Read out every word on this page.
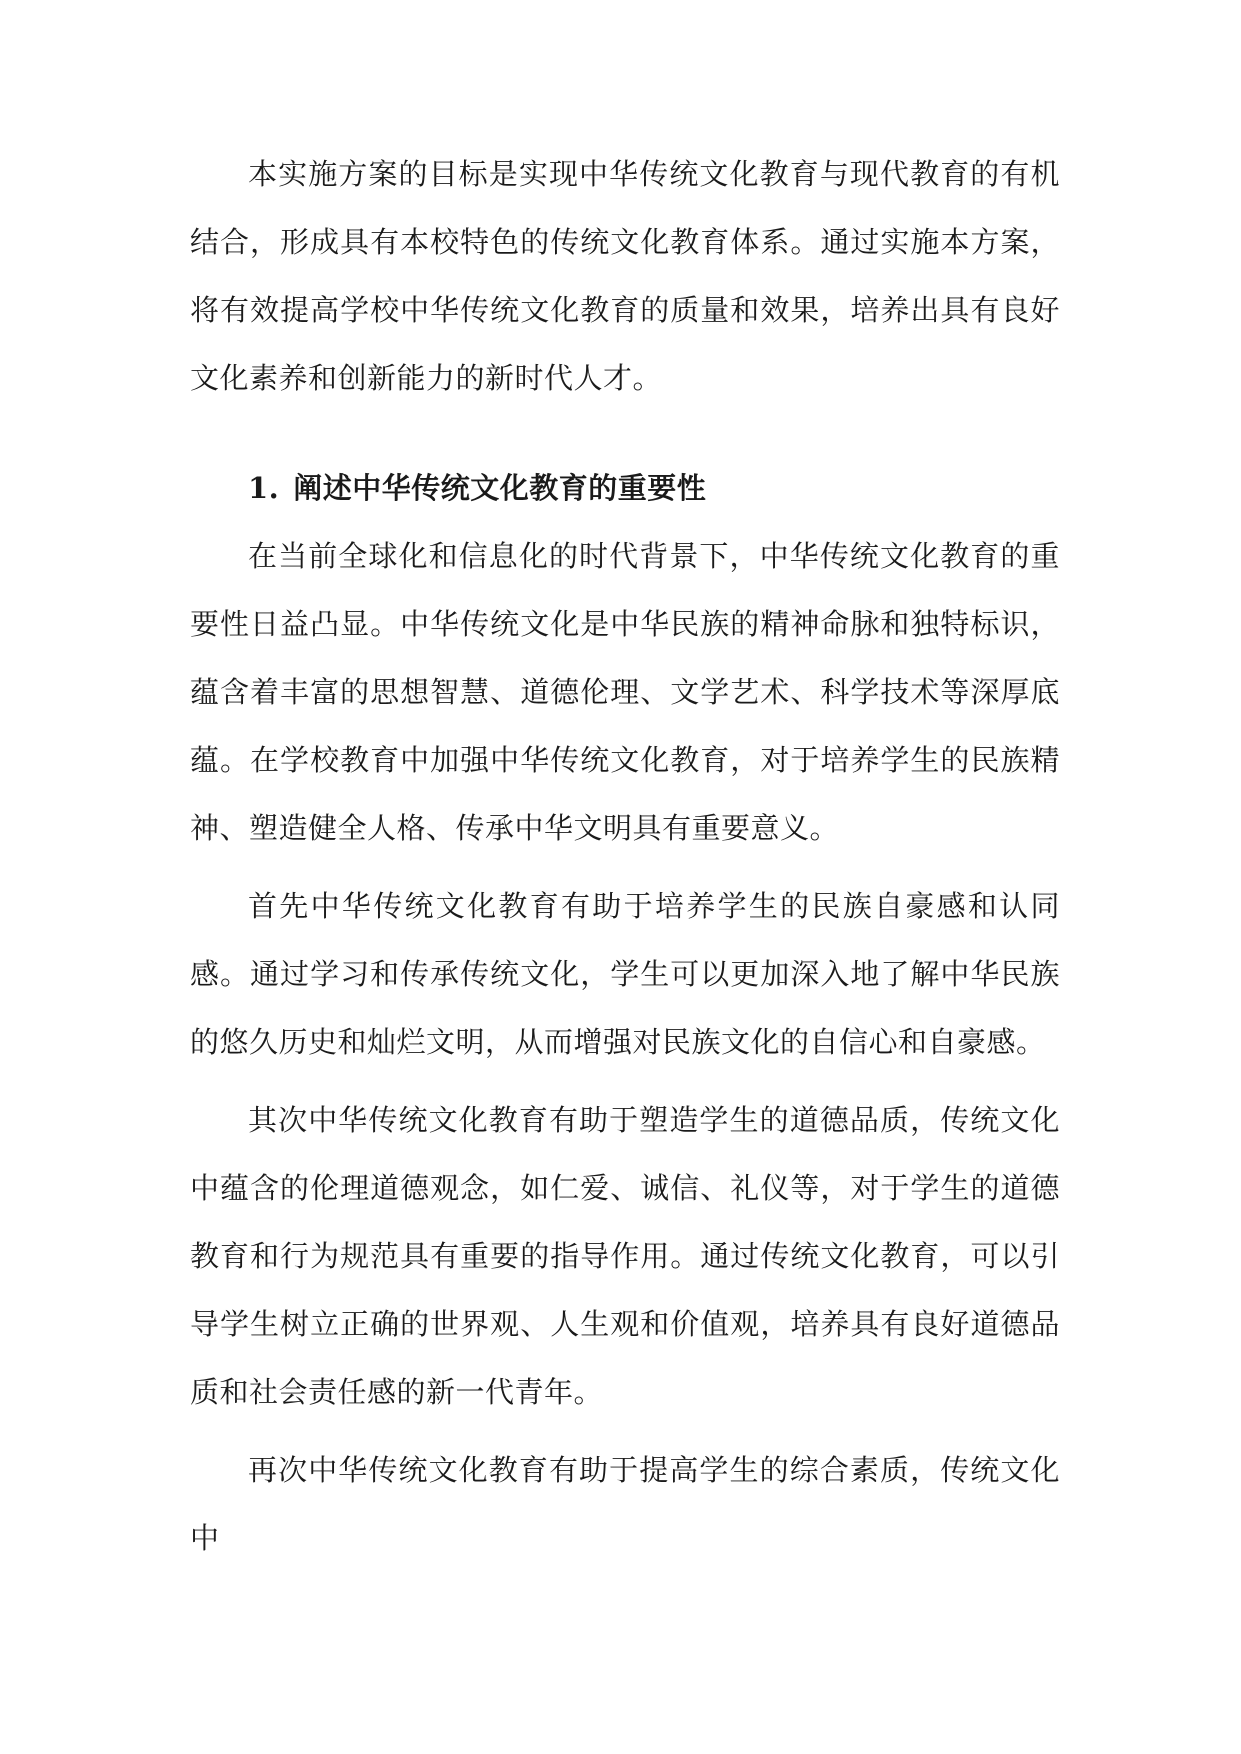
本实施方案的目标是实现中华传统文化教育与现代教育的有机结合，形成具有本校特色的传统文化教育体系。通过实施本方案，将有效提高学校中华传统文化教育的质量和效果，培养出具有良好文化素养和创新能力的新时代人才。

1. 阐述中华传统文化教育的重要性

在当前全球化和信息化的时代背景下，中华传统文化教育的重要性日益凸显。中华传统文化是中华民族的精神命脉和独特标识，蕴含着丰富的思想智慧、道德伦理、文学艺术、科学技术等深厚底蕴。在学校教育中加强中华传统文化教育，对于培养学生的民族精神、塑造健全人格、传承中华文明具有重要意义。

首先中华传统文化教育有助于培养学生的民族自豪感和认同感。通过学习和传承传统文化，学生可以更加深入地了解中华民族的悠久历史和灿烂文明，从而增强对民族文化的自信心和自豪感。

其次中华传统文化教育有助于塑造学生的道德品质，传统文化中蕴含的伦理道德观念，如仁爱、诚信、礼仪等，对于学生的道德教育和行为规范具有重要的指导作用。通过传统文化教育，可以引导学生树立正确的世界观、人生观和价值观，培养具有良好道德品质和社会责任感的新一代青年。

再次中华传统文化教育有助于提高学生的综合素质，传统文化中
